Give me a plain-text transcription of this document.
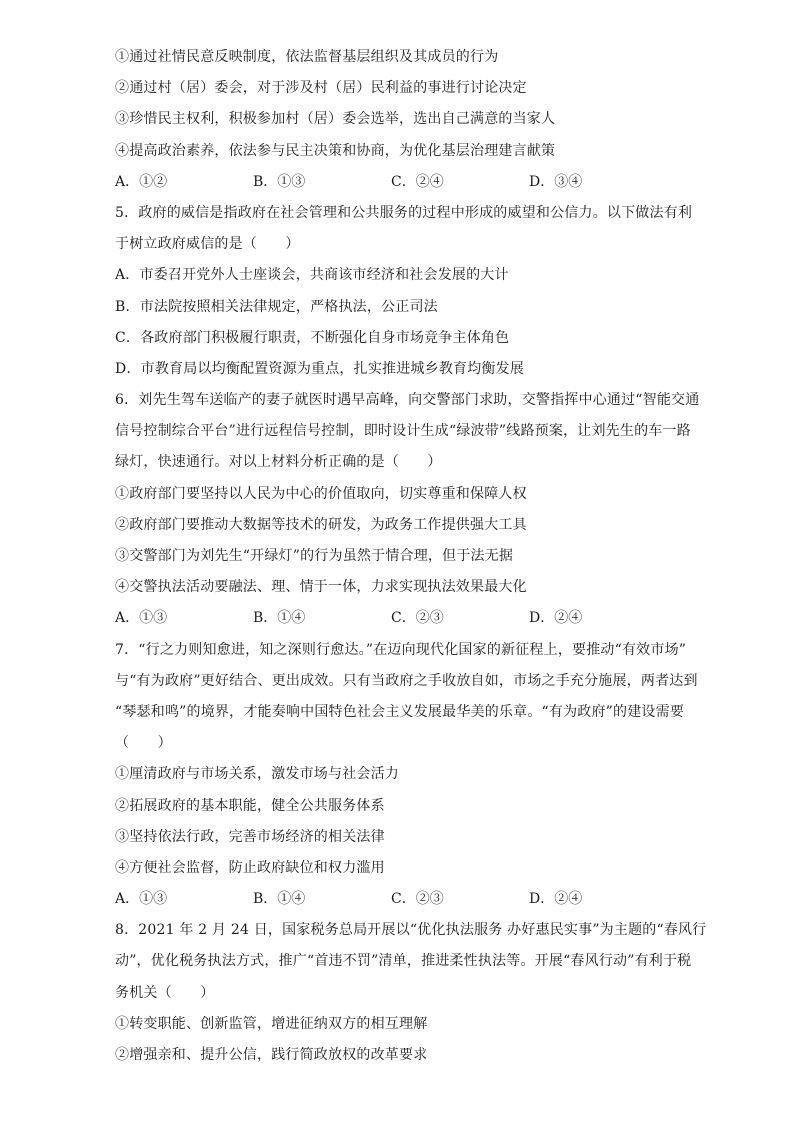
①通过社情民意反映制度，依法监督基层组织及其成员的行为
②通过村（居）委会，对于涉及村（居）民利益的事进行讨论决定
③珍惜民主权利，积极参加村（居）委会选举，选出自己满意的当家人
④提高政治素养，依法参与民主决策和协商，为优化基层治理建言献策
A．①②	B．①③	C．②④	D．③④
5．政府的威信是指政府在社会管理和公共服务的过程中形成的威望和公信力。以下做法有利
于树立政府威信的是（　　）
A．市委召开党外人士座谈会，共商该市经济和社会发展的大计
B．市法院按照相关法律规定，严格执法，公正司法
C．各政府部门积极履行职责，不断强化自身市场竞争主体角色
D．市教育局以均衡配置资源为重点，扎实推进城乡教育均衡发展
6．刘先生驾车送临产的妻子就医时遇早高峰，向交警部门求助，交警指挥中心通过“智能交通
信号控制综合平台”进行远程信号控制，即时设计生成“绿波带”线路预案，让刘先生的车一路
绿灯，快速通行。对以上材料分析正确的是（　　）
①政府部门要坚持以人民为中心的价值取向，切实尊重和保障人权
②政府部门要推动大数据等技术的研发，为政务工作提供强大工具
③交警部门为刘先生“开绿灯”的行为虽然于情合理，但于法无据
④交警执法活动要融法、理、情于一体，力求实现执法效果最大化
A．①③	B．①④	C．②③	D．②④
7．“行之力则知愈进，知之深则行愈达。”在迈向现代化国家的新征程上，要推动“有效市场”
与“有为政府”更好结合、更出成效。只有当政府之手收放自如，市场之手充分施展，两者达到
“琴瑟和鸣”的境界，才能奏响中国特色社会主义发展最华美的乐章。“有为政府”的建设需要
（　　）
①厘清政府与市场关系，激发市场与社会活力
②拓展政府的基本职能，健全公共服务体系
③坚持依法行政，完善市场经济的相关法律
④方便社会监督，防止政府缺位和权力滥用
A．①③	B．①④	C．②③	D．②④
8．2021 年 2 月 24 日，国家税务总局开展以“优化执法服务 办好惠民实事”为主题的“春风行
动”，优化税务执法方式，推广“首违不罚”清单，推进柔性执法等。开展“春风行动”有利于税
务机关（　　）
①转变职能、创新监管，增进征纳双方的相互理解
②增强亲和、提升公信，践行简政放权的改革要求
